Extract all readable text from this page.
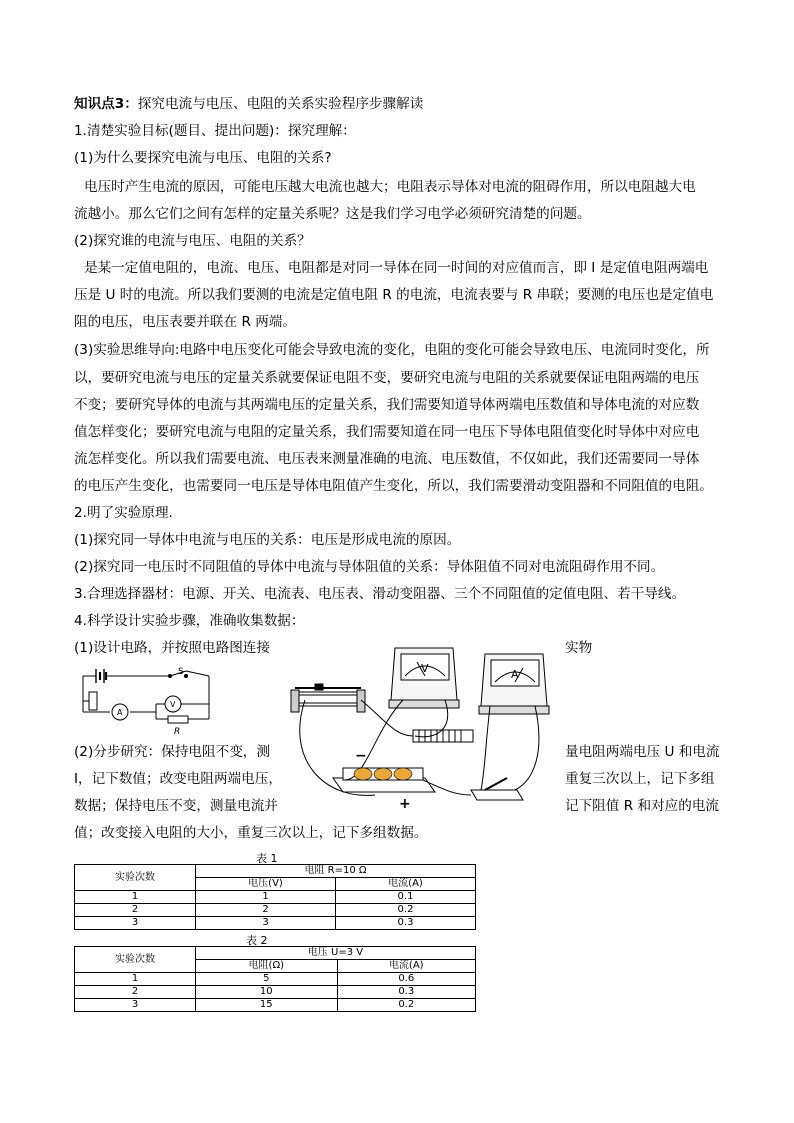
知识点3：探究电流与电压、电阻的关系实验程序步骤解读
1.清楚实验目标(题目、提出问题)：探究理解：
(1)为什么要探究电流与电压、电阻的关系?
电压时产生电流的原因，可能电压越大电流也越大；电阻表示导体对电流的阻碍作用，所以电阻越大电
流越小。那么它们之间有怎样的定量关系呢？这是我们学习电学必须研究清楚的问题。
(2)探究谁的电流与电压、电阻的关系？
是某一定值电阻的，电流、电压、电阻都是对同一导体在同一时间的对应值而言，即 I 是定值电阻两端电
压是 U 时的电流。所以我们要测的电流是定值电阻 R 的电流，电流表要与 R 串联；要测的电压也是定值电
阻的电压，电压表要并联在 R 两端。
(3)实验思维导向:电路中电压变化可能会导致电流的变化，电阻的变化可能会导致电压、电流同时变化，所
以，要研究电流与电压的定量关系就要保证电阻不变，要研究电流与电阻的关系就要保证电阻两端的电压
不变；要研究导体的电流与其两端电压的定量关系，我们需要知道导体两端电压数值和导体电流的对应数
值怎样变化；要研究电流与电阻的定量关系，我们需要知道在同一电压下导体电阻值变化时导体中对应电
流怎样变化。所以我们需要电流、电压表来测量准确的电流、电压数值，不仅如此，我们还需要同一导体
的电压产生变化，也需要同一电压是导体电阻值产生变化，所以，我们需要滑动变阻器和不同阻值的电阻。
2.明了实验原理.
(1)探究同一导体中电流与电压的关系：电压是形成电流的原因。
(2)探究同一电压时不同阻值的导体中电流与导体阻值的关系：导体阻值不同对电流阻碍作用不同。
3.合理选择器材：电源、开关、电流表、电压表、滑动变阻器、三个不同阻值的定值电阻、若干导线。
4.科学设计实验步骤，准确收集数据：
(1)设计电路，并按照电路图连接	实物
(2)分步研究：保持电阻不变，测	量电阻两端电压 U 和电流
I，记下数值；改变电阻两端电压，	重复三次以上，记下多组
数据；保持电压不变，测量电流并	记下阻值 R 和对应的电流
值；改变接入电阻的大小，重复三次以上，记下多组数据。
S
A
V
R
V	A
−
+
表 1
实验次数	电阻 R=10 Ω	
	电压(V)	电流(A)
1	1	0.1
2	2	0.2
3	3	0.3
表 2
实验次数	电压 U=3 V	
	电阻(Ω)	电流(A)
1	5	0.6
2	10	0.3
3	15	0.2
